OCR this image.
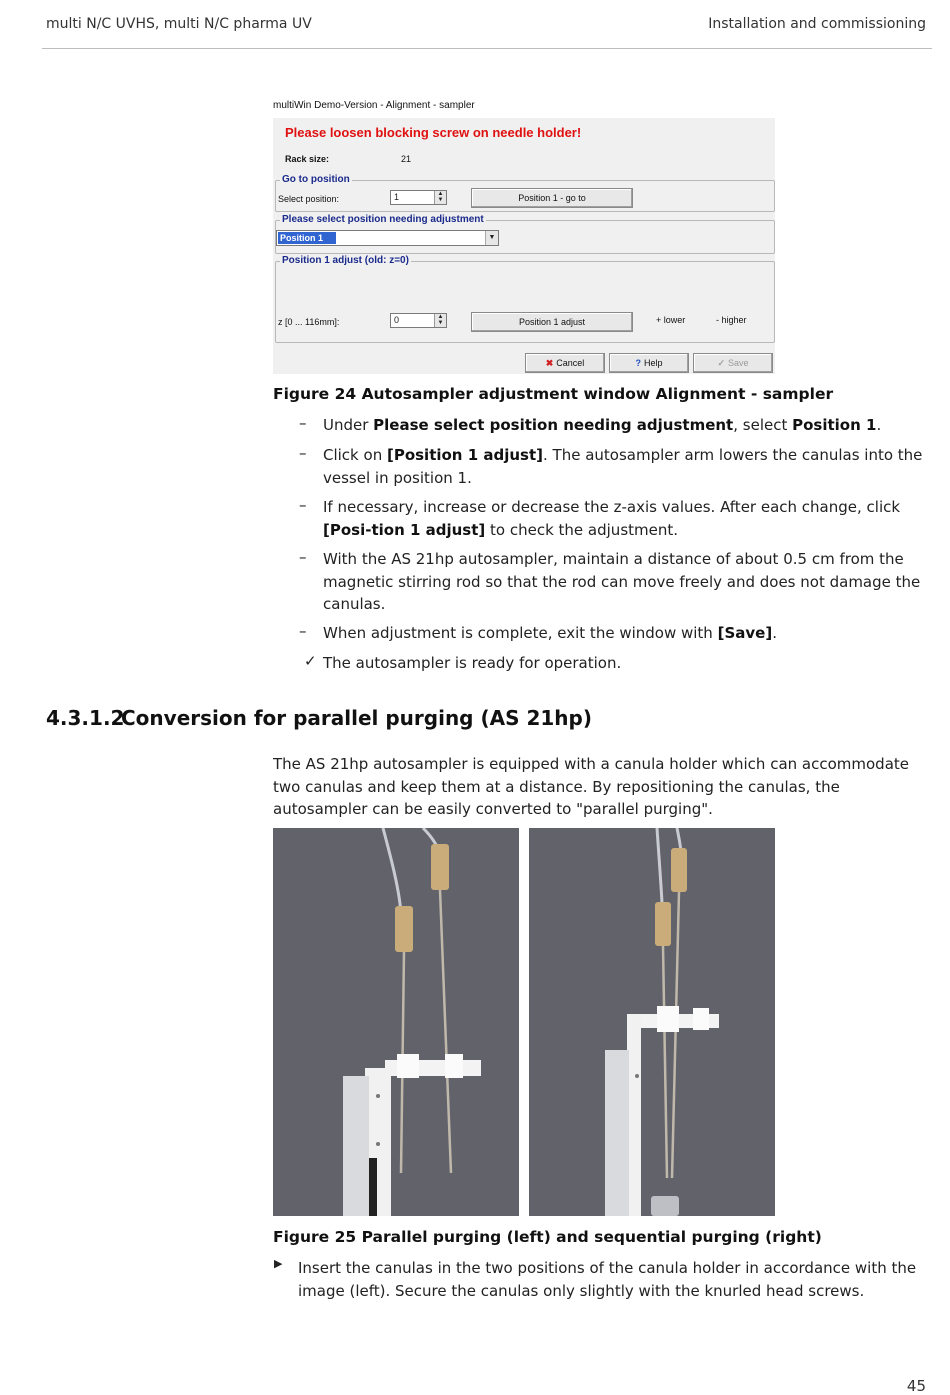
multi N/C UVHS, multi N/C pharma UV	Installation and commissioning
multiWin Demo-Version - Alignment - sampler
Please loosen blocking screw on needle holder!
Rack size:	21
Go to position
Select position:	1	▲
▼	Position 1 - go to
Please select position needing adjustment
Position 1	▼
Position 1 adjust (old: z=0)
z [0 ... 116mm]:	0	▲
▼	Position 1 adjust	+ lower	- higher
✖ Cancel	? Help	✓ Save
Figure 24 Autosampler adjustment window Alignment - sampler
– Under Please select position needing adjustment, select Position 1.
– Click on [Position 1 adjust]. The autosampler arm lowers the canulas into the vessel in position 1.
– If necessary, increase or decrease the z-axis values. After each change, click [Posi-tion 1 adjust] to check the adjustment.
– With the AS 21hp autosampler, maintain a distance of about 0.5 cm from the magnetic stirring rod so that the rod can move freely and does not damage the canulas.
– When adjustment is complete, exit the window with [Save].
✓ The autosampler is ready for operation.
4.3.1.2
Conversion for parallel purging (AS 21hp)
The AS 21hp autosampler is equipped with a canula holder which can accommodate two canulas and keep them at a distance. By repositioning the canulas, the autosampler can be easily converted to "parallel purging".
Figure 25 Parallel purging (left) and sequential purging (right)
▶ Insert the canulas in the two positions of the canula holder in accordance with the image (left). Secure the canulas only slightly with the knurled head screws.
45
